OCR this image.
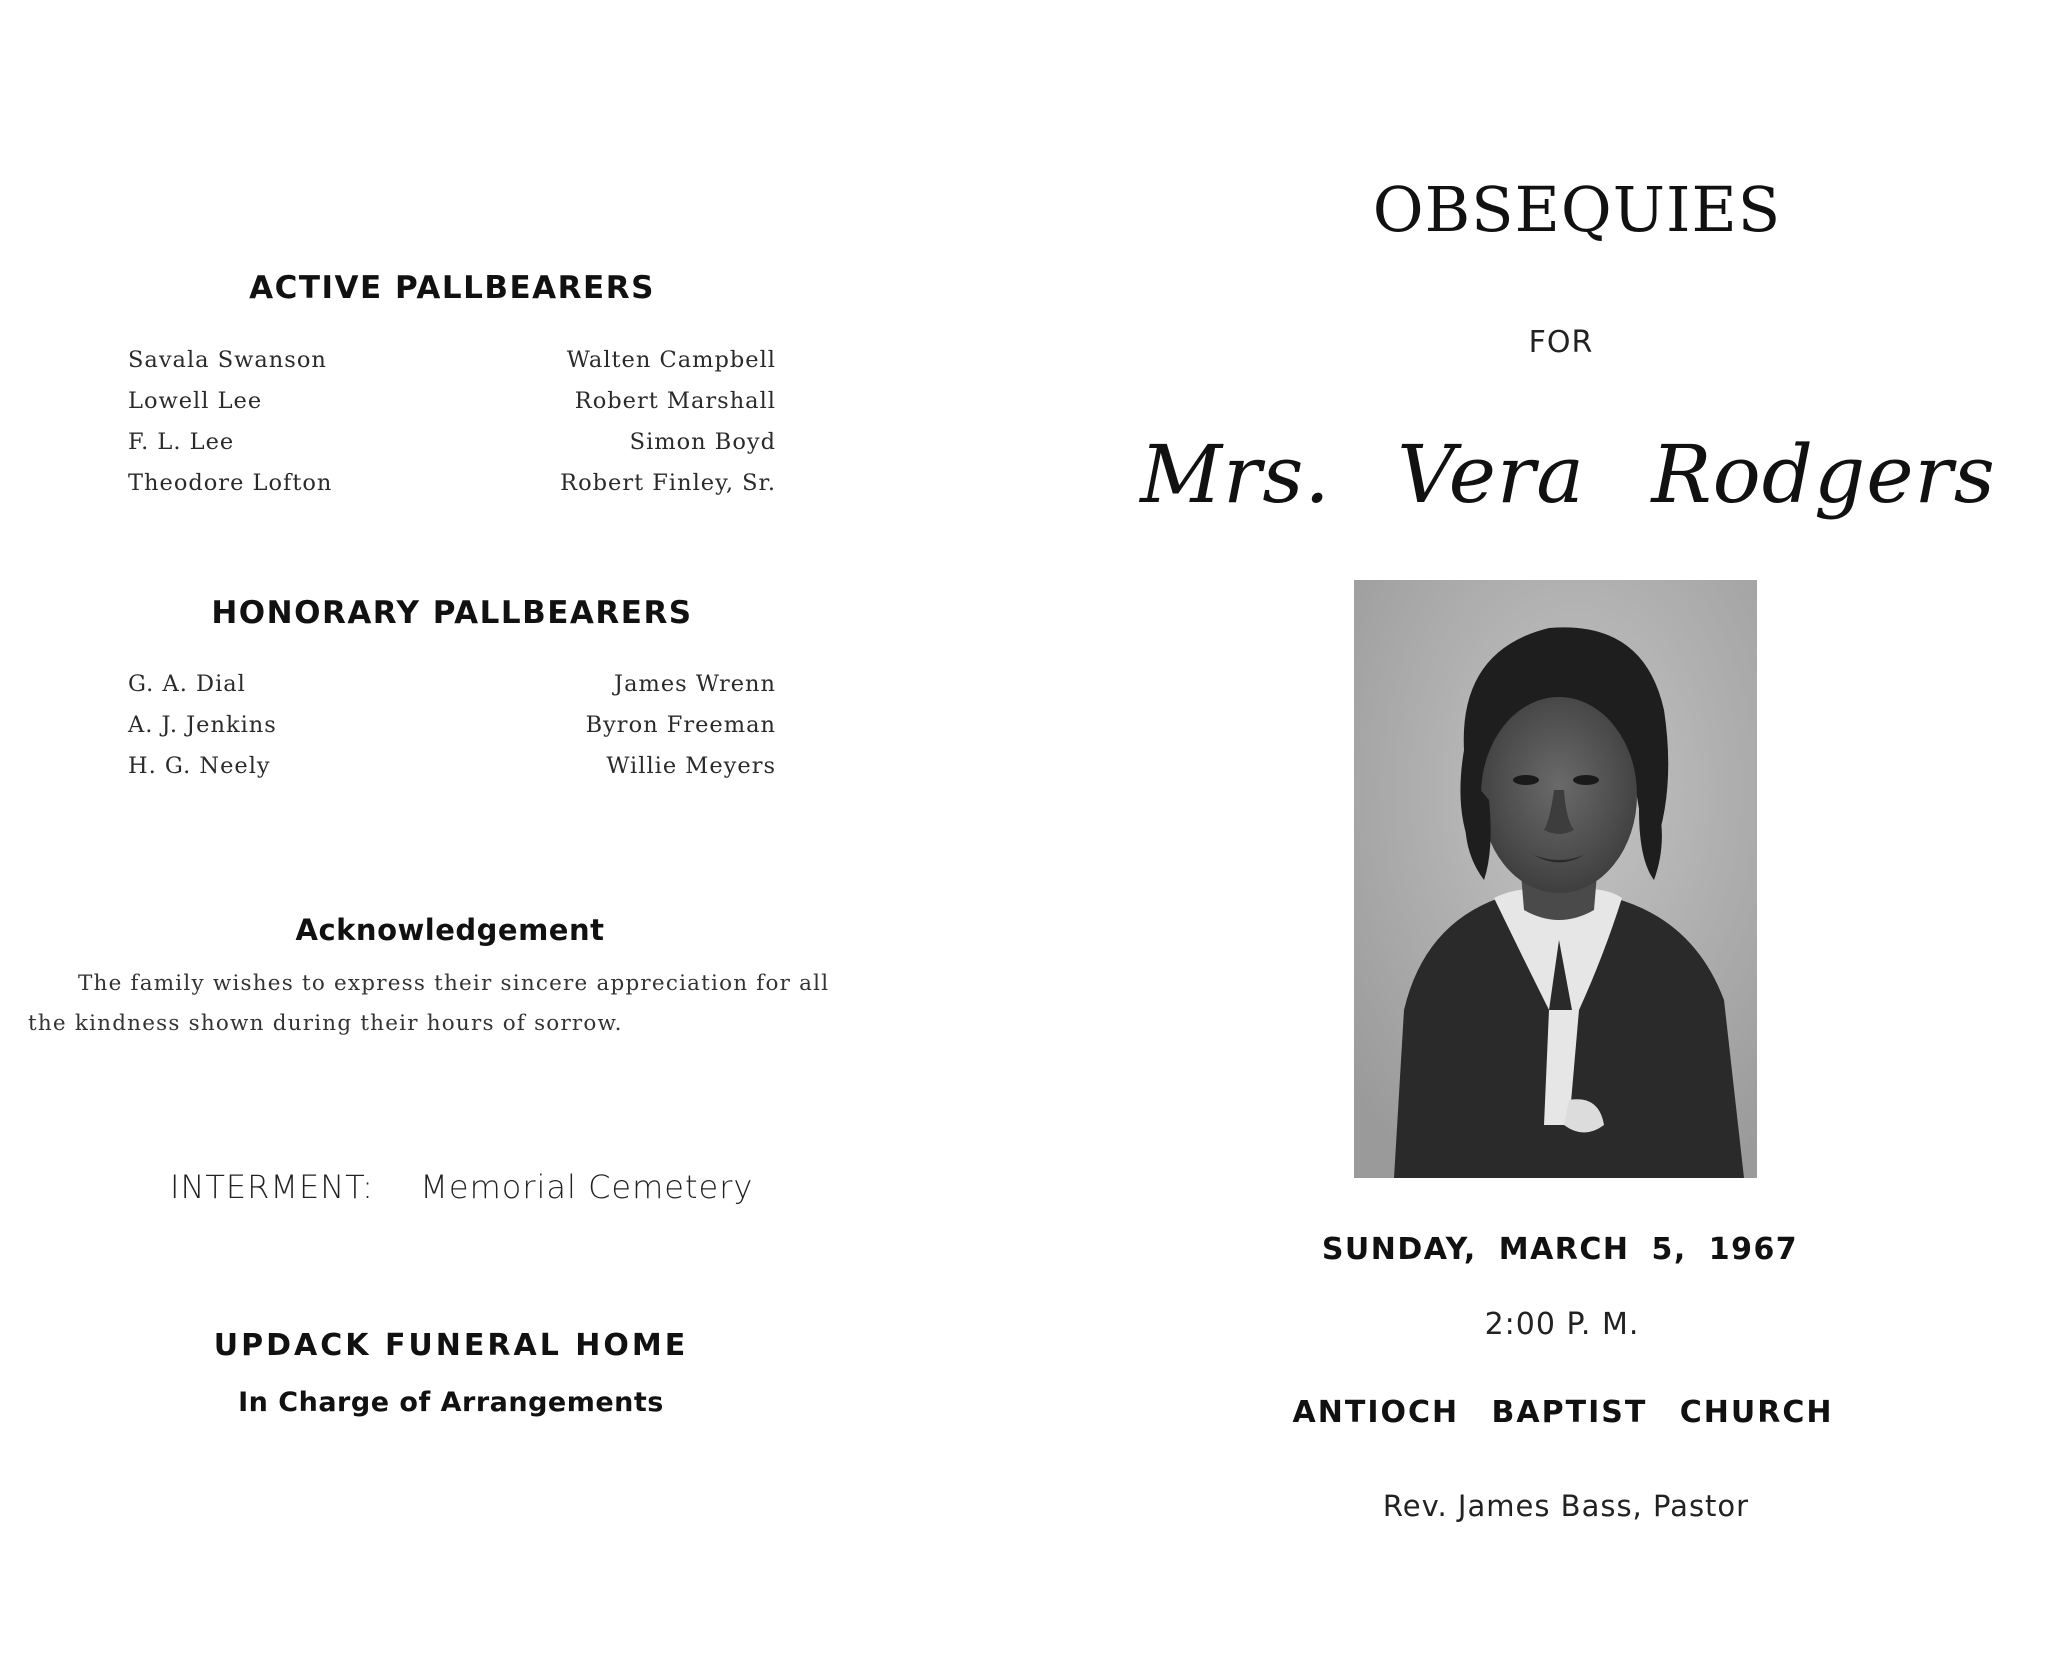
ACTIVE PALLBEARERS
Savala Swanson
Lowell Lee
F. L. Lee
Theodore Lofton
Walten Campbell
Robert Marshall
Simon Boyd
Robert Finley, Sr.
HONORARY PALLBEARERS
G. A. Dial
A. J. Jenkins
H. G. Neely
James Wrenn
Byron Freeman
Willie Meyers
Acknowledgement
The family wishes to express their sincere appreciation for all
the kindness shown during their hours of sorrow.
INTERMENT: Memorial Cemetery
UPDACK FUNERAL HOME
In Charge of Arrangements
OBSEQUIES
FOR
Mrs. Vera Rodgers
SUNDAY, MARCH 5, 1967
2:00 P. M.
ANTIOCH BAPTIST CHURCH
Rev. James Bass, Pastor
